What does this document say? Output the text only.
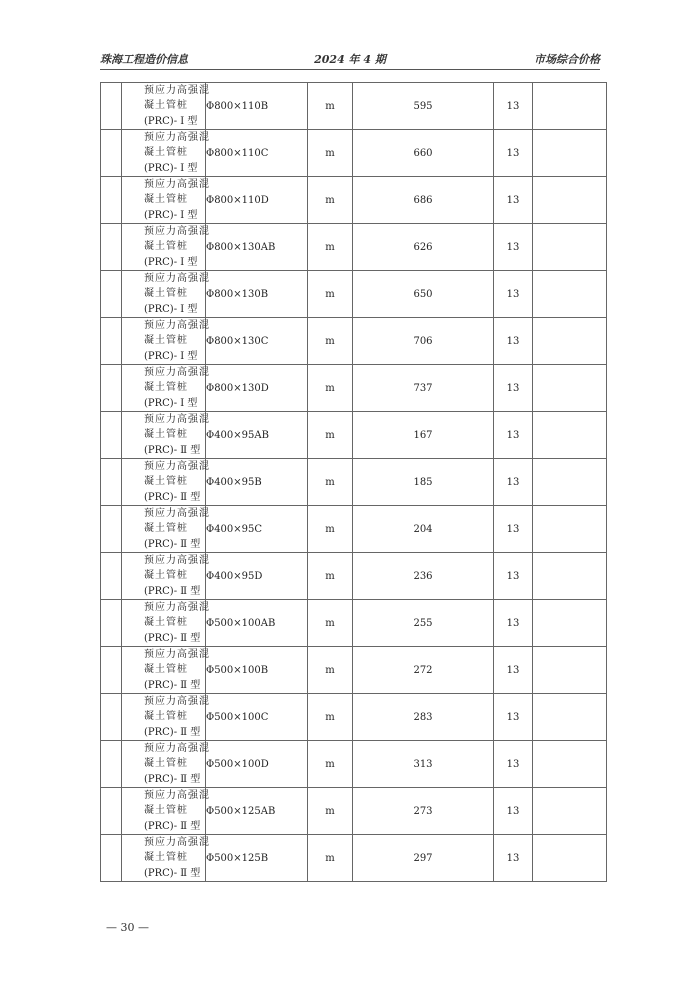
珠海工程造价信息	2024 年 4 期	市场综合价格

	预应力高强混
凝土管桩
(PRC)- Ⅰ 型	Φ800×110B	m	595	13	

	预应力高强混
凝土管桩
(PRC)- Ⅰ 型	Φ800×110C	m	660	13	

	预应力高强混
凝土管桩
(PRC)- Ⅰ 型	Φ800×110D	m	686	13	

	预应力高强混
凝土管桩
(PRC)- Ⅰ 型	Φ800×130AB	m	626	13	

	预应力高强混
凝土管桩
(PRC)- Ⅰ 型	Φ800×130B	m	650	13	

	预应力高强混
凝土管桩
(PRC)- Ⅰ 型	Φ800×130C	m	706	13	

	预应力高强混
凝土管桩
(PRC)- Ⅰ 型	Φ800×130D	m	737	13	

	预应力高强混
凝土管桩
(PRC)- Ⅱ 型	Φ400×95AB	m	167	13	

	预应力高强混
凝土管桩
(PRC)- Ⅱ 型	Φ400×95B	m	185	13	

	预应力高强混
凝土管桩
(PRC)- Ⅱ 型	Φ400×95C	m	204	13	

	预应力高强混
凝土管桩
(PRC)- Ⅱ 型	Φ400×95D	m	236	13	

	预应力高强混
凝土管桩
(PRC)- Ⅱ 型	Φ500×100AB	m	255	13	

	预应力高强混
凝土管桩
(PRC)- Ⅱ 型	Φ500×100B	m	272	13	

	预应力高强混
凝土管桩
(PRC)- Ⅱ 型	Φ500×100C	m	283	13	

	预应力高强混
凝土管桩
(PRC)- Ⅱ 型	Φ500×100D	m	313	13	

	预应力高强混
凝土管桩
(PRC)- Ⅱ 型	Φ500×125AB	m	273	13	

	预应力高强混
凝土管桩
(PRC)- Ⅱ 型	Φ500×125B	m	297	13	
— 30 —
